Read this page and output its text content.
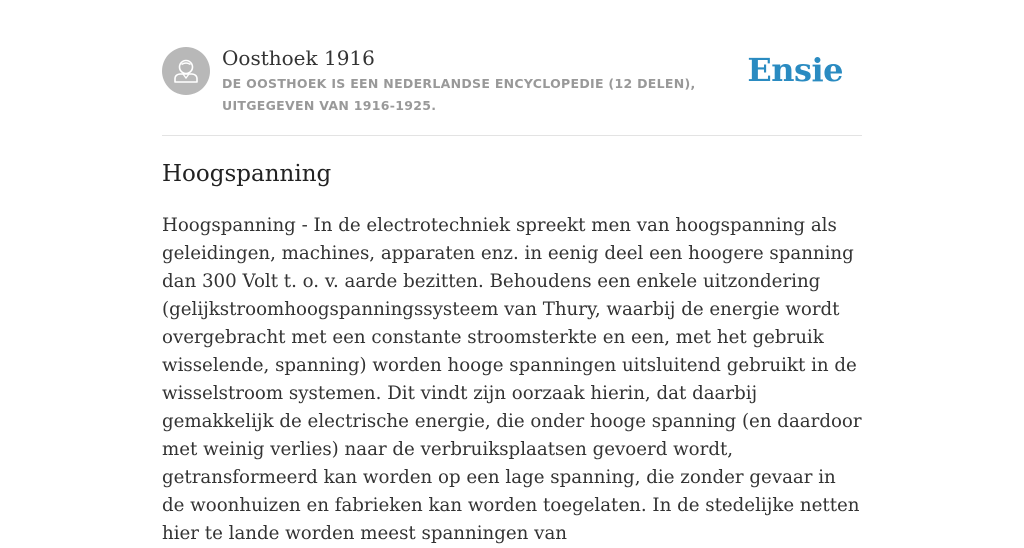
Oosthoek 1916

DE OOSTHOEK IS EEN NEDERLANDSE ENCYCLOPEDIE (12 DELEN), UITGEGEVEN VAN 1916-1925.

Ensie
Hoogspanning

Hoogspanning - In de electrotechniek spreekt men van hoogspanning als geleidingen, machines, apparaten enz. in eenig deel een hoogere spanning dan 300 Volt t. o. v. aarde bezitten. Behoudens een enkele uitzondering (gelijkstroomhoogspanningssysteem van Thury, waarbij de energie wordt overgebracht met een constante stroomsterkte en een, met het gebruik wisselende, spanning) worden hooge spanningen uitsluitend gebruikt in de wisselstroom systemen. Dit vindt zijn oorzaak hierin, dat daarbij gemakkelijk de electrische energie, die onder hooge spanning (en daardoor met weinig verlies) naar de verbruiksplaatsen gevoerd wordt, getransformeerd kan worden op een lage spanning, die zonder gevaar in de woonhuizen en fabrieken kan worden toegelaten. In de stedelijke netten hier te lande worden meest spanningen van
